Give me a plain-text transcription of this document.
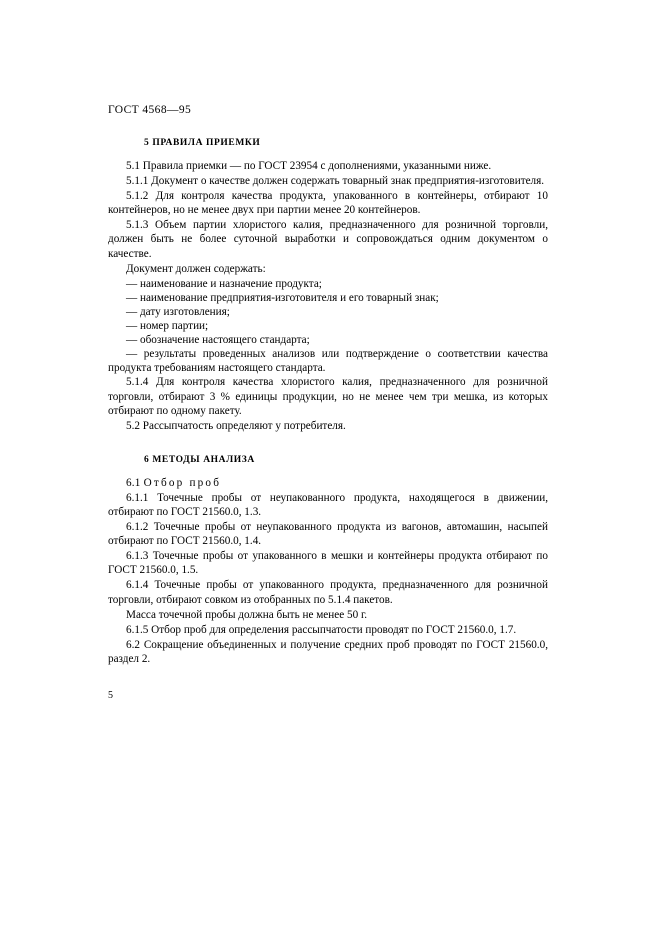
ГОСТ 4568—95
5 ПРАВИЛА ПРИЕМКИ

5.1 Правила приемки — по ГОСТ 23954 с дополнениями, указанными ниже.

5.1.1 Документ о качестве должен содержать товарный знак предприятия-изготовителя.

5.1.2 Для контроля качества продукта, упакованного в контейнеры, отбирают 10 контейнеров, но не менее двух при партии менее 20 контейнеров.

5.1.3 Объем партии хлористого калия, предназначенного для розничной торговли, должен быть не более суточной выработки и сопровождаться одним документом о качестве.

Документ должен содержать:

— наименование и назначение продукта;

— наименование предприятия-изготовителя и его товарный знак;

— дату изготовления;

— номер партии;

— обозначение настоящего стандарта;

— результаты проведенных анализов или подтверждение о соответствии качества продукта требованиям настоящего стандарта.

5.1.4 Для контроля качества хлористого калия, предназначенного для розничной торговли, отбирают 3 % единицы продукции, но не менее чем три мешка, из которых отбирают по одному пакету.

5.2 Рассыпчатость определяют у потребителя.

6 МЕТОДЫ АНАЛИЗА
6.1 Отбор проб

6.1.1 Точечные пробы от неупакованного продукта, находящегося в движении, отбирают по ГОСТ 21560.0, 1.3.

6.1.2 Точечные пробы от неупакованного продукта из вагонов, автомашин, насыпей отбирают по ГОСТ 21560.0, 1.4.

6.1.3 Точечные пробы от упакованного в мешки и контейнеры продукта отбирают по ГОСТ 21560.0, 1.5.

6.1.4 Точечные пробы от упакованного продукта, предназначенного для розничной торговли, отбирают совком из отобранных по 5.1.4 пакетов.

Масса точечной пробы должна быть не менее 50 г.

6.1.5 Отбор проб для определения рассыпчатости проводят по ГОСТ 21560.0, 1.7.

6.2 Сокращение объединенных и получение средних проб проводят по ГОСТ 21560.0, раздел 2.

5
